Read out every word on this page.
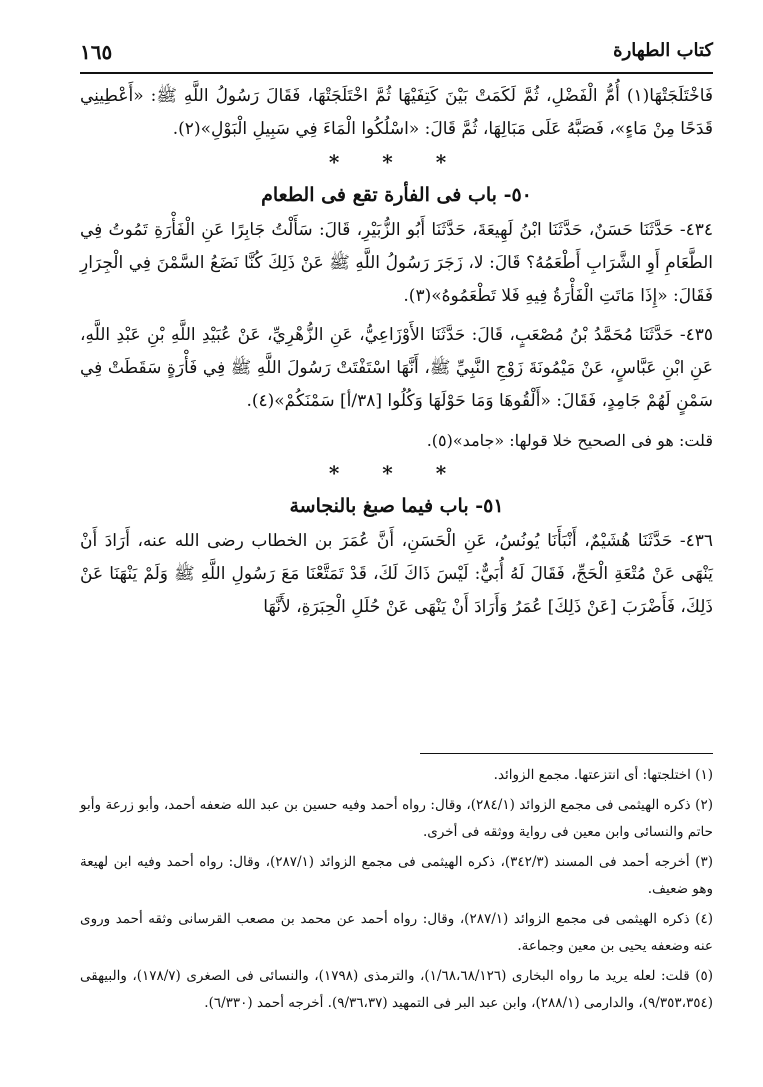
كتاب الطهارة
١٦٥

فَاخْتَلَجَتْهَا(١) أُمُّ الْفَضْلِ، ثُمَّ لَكَمَتْ بَيْنَ كَتِفَيْهَا ثُمَّ اخْتَلَجَتْهَا، فَقَالَ رَسُولُ اللَّهِ ﷺ: «أَعْطِينِي قَدَحًا مِنْ مَاءٍ»، فَصَبَّهُ عَلَى مَبَالِهَا، ثُمَّ قَالَ: «اسْلُكُوا الْمَاءَ فِي سَبِيلِ الْبَوْلِ»(٢).

* * *
٥٠- باب فى الفأرة تقع فى الطعام

٤٣٤- حَدَّثَنَا حَسَنٌ، حَدَّثَنَا ابْنُ لَهِيعَةَ، حَدَّثَنَا أَبُو الزُّبَيْرِ، قَالَ: سَأَلْتُ جَابِرًا عَنِ الْفَأْرَةِ تَمُوتُ فِي الطَّعَامِ أَوِ الشَّرَابِ أَطْعَمُهُ؟ قَالَ: لا، زَجَرَ رَسُولُ اللَّهِ ﷺ عَنْ ذَلِكَ كُنَّا نَضَعُ السَّمْنَ فِي الْجِرَارِ فَقَالَ: «إِذَا مَاتَتِ الْفَأْرَةُ فِيهِ فَلا تَطْعَمُوهُ»(٣).

٤٣٥- حَدَّثَنَا مُحَمَّدُ بْنُ مُصْعَبٍ، قَالَ: حَدَّثَنَا الأَوْزَاعِيُّ، عَنِ الزُّهْرِيِّ، عَنْ عُبَيْدِ اللَّهِ بْنِ عَبْدِ اللَّهِ، عَنِ ابْنِ عَبَّاسٍ، عَنْ مَيْمُونَةَ زَوْجِ النَّبِيِّ ﷺ، أَنَّهَا اسْتَفْتَتْ رَسُولَ اللَّهِ ﷺ فِي فَأْرَةٍ سَقَطَتْ فِي سَمْنٍ لَهُمْ جَامِدٍ، فَقَالَ: «أَلْقُوهَا وَمَا حَوْلَهَا وَكُلُوا [٣٨/أ] سَمْنَكُمْ»(٤).

قلت: هو فى الصحيح خلا قولها: «جامد»(٥).

* * *
٥١- باب فيما صبغ بالنجاسة

٤٣٦- حَدَّثَنَا هُشَيْمٌ، أَنْبَأَنَا يُونُسُ، عَنِ الْحَسَنِ، أَنَّ عُمَرَ بن الخطاب رضى الله عنه، أَرَادَ أَنْ يَنْهَى عَنْ مُتْعَةِ الْحَجِّ، فَقَالَ لَهُ أُبَيٌّ: لَيْسَ ذَاكَ لَكَ، قَدْ تَمَتَّعْنَا مَعَ رَسُولِ اللَّهِ ﷺ وَلَمْ يَنْهَنَا عَنْ ذَلِكَ، فَأَضْرَبَ [عَنْ ذَلِكَ] عُمَرُ وَأَرَادَ أَنْ يَنْهَى عَنْ حُلَلِ الْحِبَرَةِ، لأَنَّهَا

(١) اختلجتها: أى انتزعتها. مجمع الزوائد.

(٢) ذكره الهيثمى فى مجمع الزوائد (٢٨٤/١)، وقال: رواه أحمد وفيه حسين بن عبد الله ضعفه أحمد، وأبو زرعة وأبو حاتم والنسائى وابن معين فى رواية ووثقه فى أخرى.

(٣) أخرجه أحمد فى المسند (٣٤٢/٣)، ذكره الهيثمى فى مجمع الزوائد (٢٨٧/١)، وقال: رواه أحمد وفيه ابن لهيعة وهو ضعيف.

(٤) ذكره الهيثمى فى مجمع الزوائد (٢٨٧/١)، وقال: رواه أحمد عن محمد بن مصعب القرسانى وثقه أحمد وروى عنه وضعفه يحيى بن معين وجماعة.

(٥) قلت: لعله يريد ما رواه البخارى (١/٦٨،٦٨/١٢٦)، والترمذى (١٧٩٨)، والنسائى فى الصغرى (١٧٨/٧)، والبيهقى (٩/٣٥٣،٣٥٤)، والدارمى (٢٨٨/١)، وابن عبد البر فى التمهيد (٩/٣٦،٣٧). أخرجه أحمد (٦/٣٣٠).
